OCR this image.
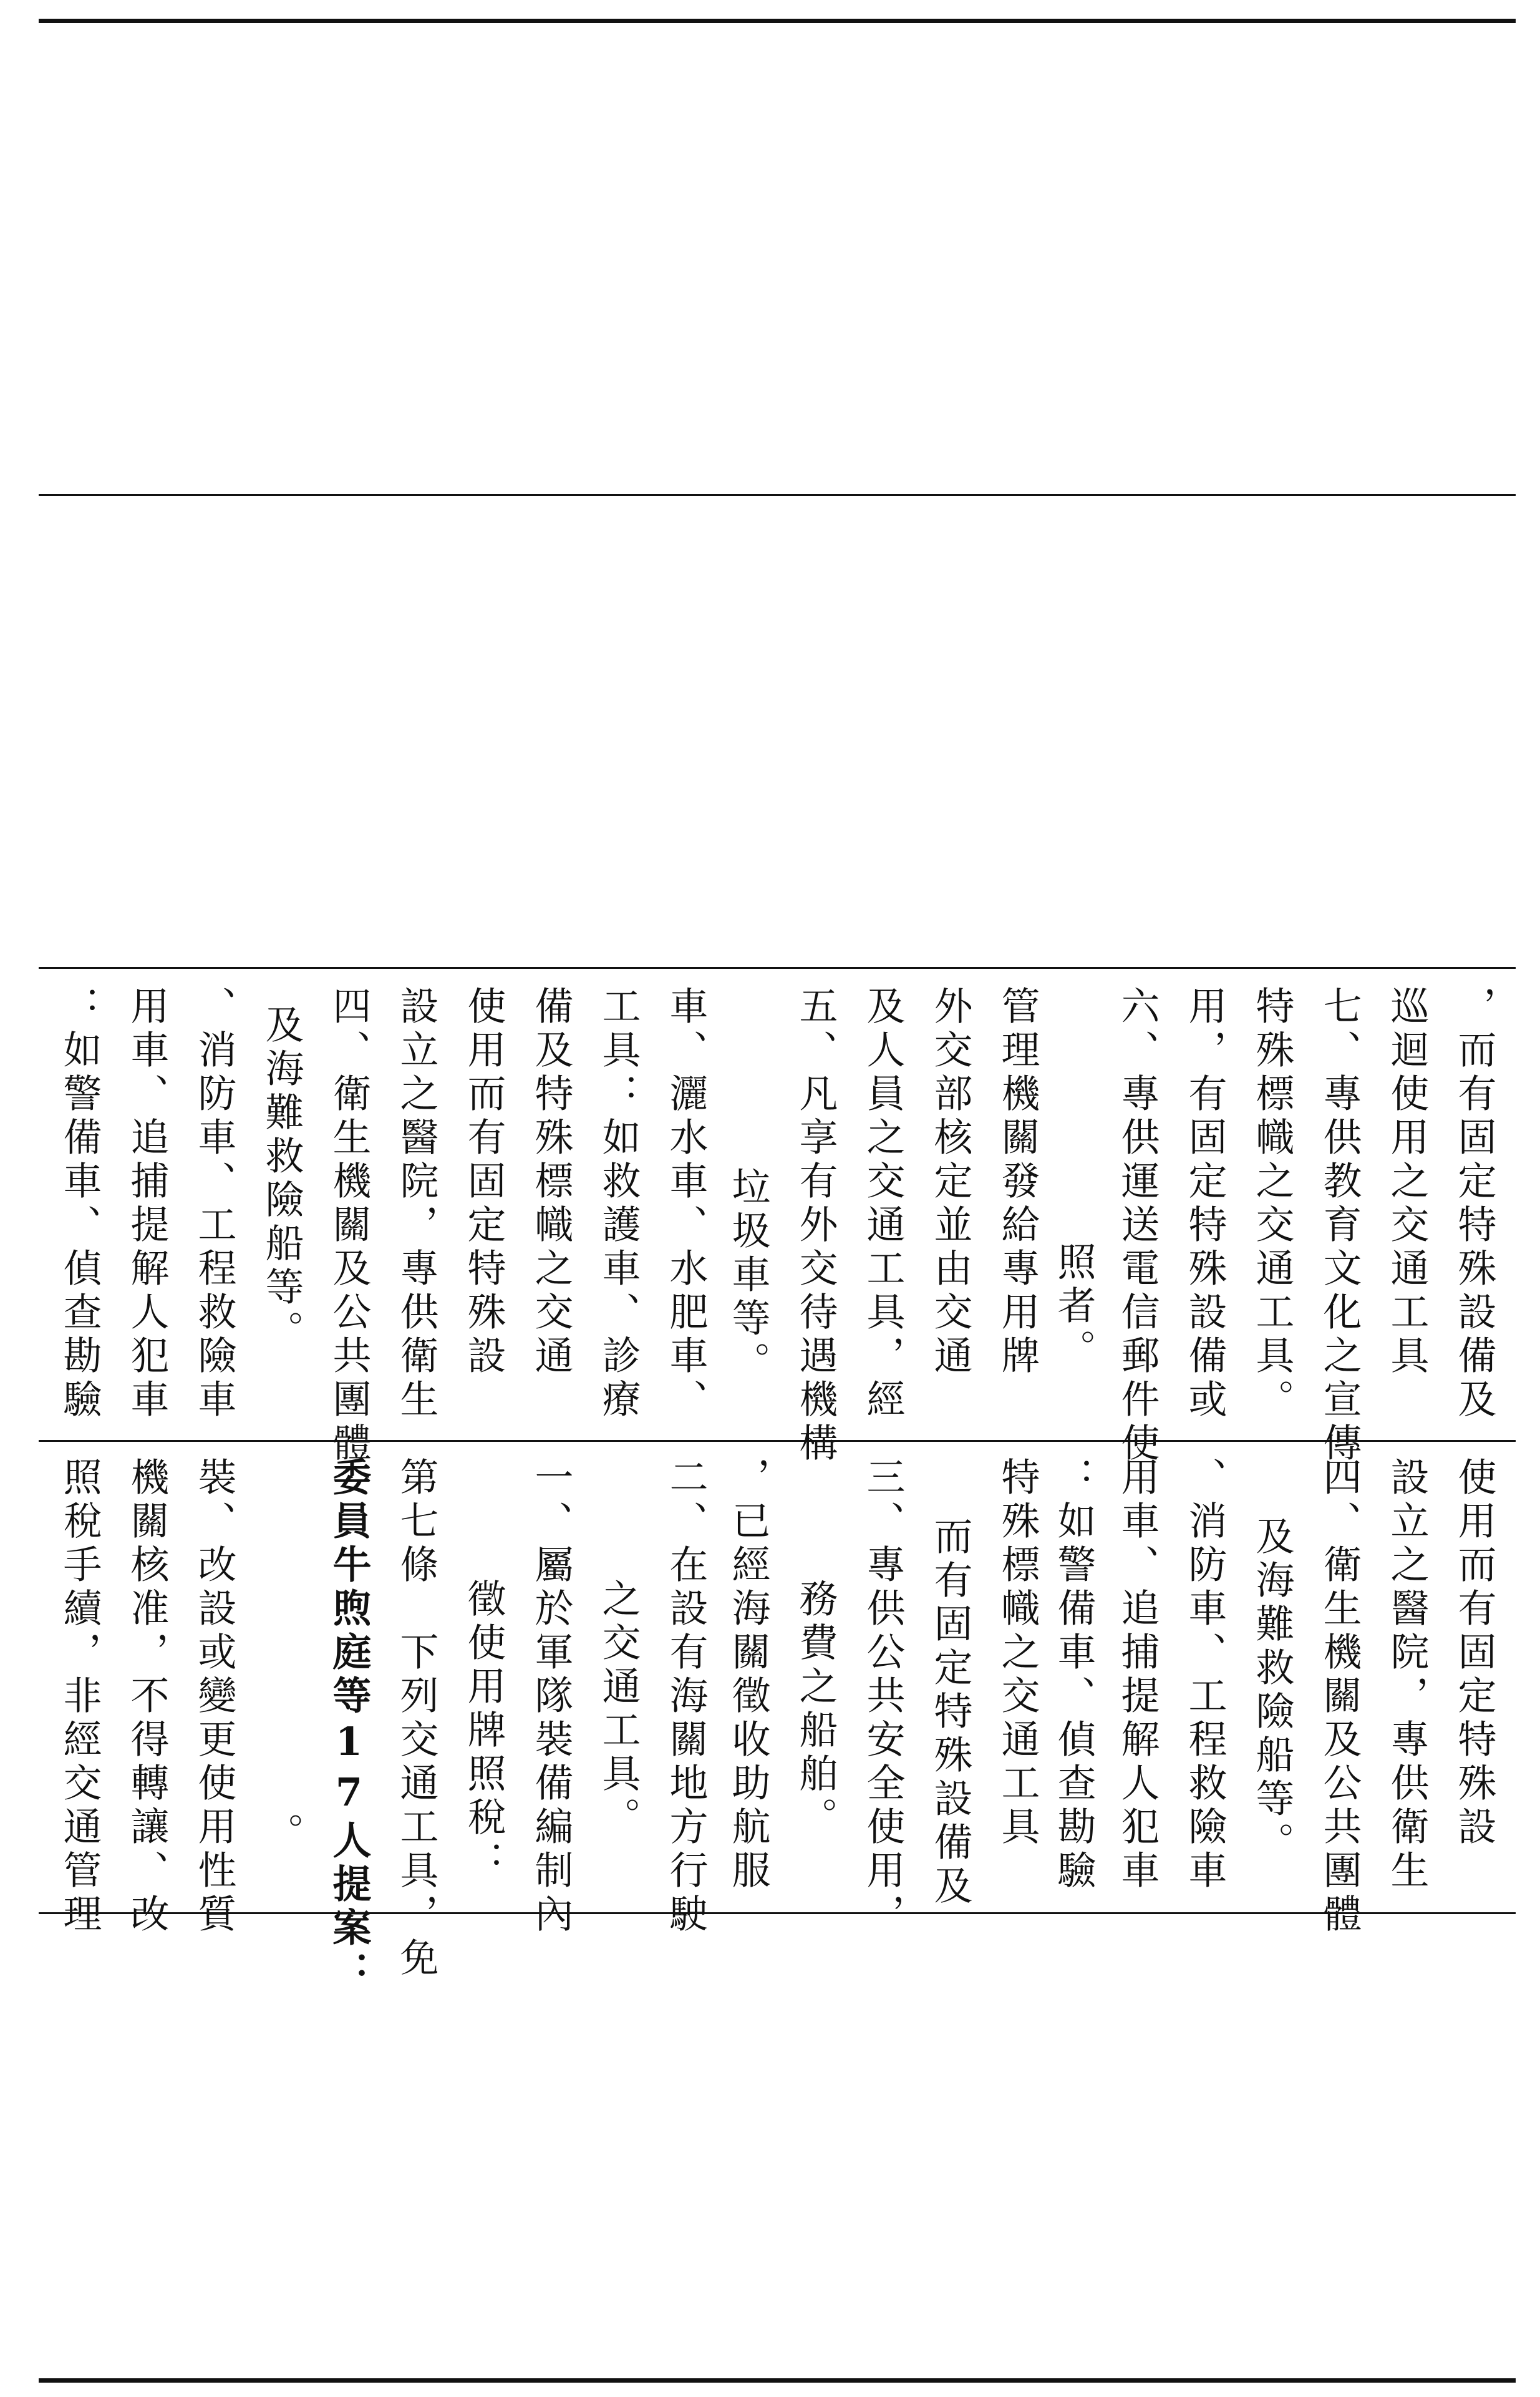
：如警備車、偵查勘驗 用車、追捕提解人犯車 、消防車、工程救險車 及海難救險船等。 四、衛生機關及公共團體 設立之醫院，專供衛生 使用而有固定特殊設 備及特殊標幟之交通 工具：如救護車、診療 車、灑水車、水肥車、 垃圾車等。 五、凡享有外交待遇機構 及人員之交通工具，經 外交部核定並由交通 管理機關發給專用牌 照者。 六、專供運送電信郵件使 用，有固定特殊設備或 特殊標幟之交通工具。 七、專供教育文化之宣傳 巡迴使用之交通工具 ，而有固定特殊設備及
照稅手續，非經交通管理 機關核准，不得轉讓、改 裝、改設或變更使用性質 。 委員牛煦庭等17人提案： 第七條　下列交通工具，免 徵使用牌照稅： 一、屬於軍隊裝備編制內 之交通工具。 二、在設有海關地方行駛 ，已經海關徵收助航服 務費之船舶。 三、專供公共安全使用， 而有固定特殊設備及 特殊標幟之交通工具 ：如警備車、偵查勘驗 用車、追捕提解人犯車 、消防車、工程救險車 及海難救險船等。 四、衛生機關及公共團體 設立之醫院，專供衛生 使用而有固定特殊設
